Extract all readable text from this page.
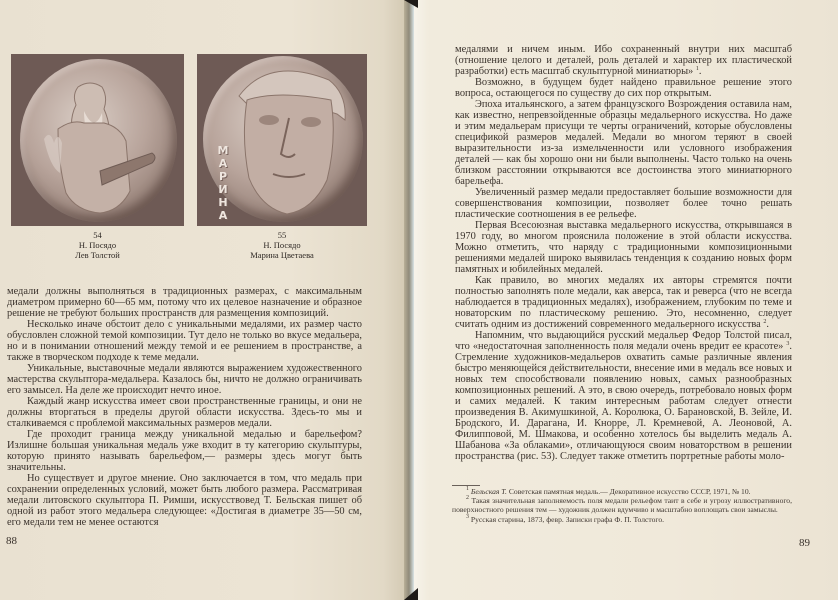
М
А
Р
И
Н
А
54
Н. Посядо
Лев Толстой
55
Н. Посядо
Марина Цветаева

медали должны выполняться в традиционных размерах, с максимальным диаметром примерно 60—65 мм, потому что их целевое назначение и образное решение не требуют больших пространств для размещения композиций.

Несколько иначе обстоит дело с уникальными медалями, их размер часто обусловлен сложной темой композиции. Тут дело не только во вкусе медальера, но и в понимании отношений между темой и ее решением в пространстве, а также в творческом подходе к теме медали.

Уникальные, выставочные медали являются выражением художественного мастерства скульптора-медальера. Казалось бы, ничто не должно ограничивать его замысел. На деле же происходит нечто иное.

Каждый жанр искусства имеет свои пространственные границы, и они не должны вторгаться в пределы другой области искусства. Здесь-то мы и сталкиваемся с проблемой максимальных размеров медали.

Где проходит граница между уникальной медалью и барельефом? Излишне большая уникальная медаль уже входит в ту категорию скульптуры, которую принято называть барельефом,— размеры здесь могут быть значительны.

Но существует и другое мнение. Оно заключается в том, что медаль при сохранении определенных условий, может быть любого размера. Рассматривая медали литовского скульптора П. Римши, искусствовед Т. Бельская пишет об одной из работ этого медальера следующее: «Достигая в диаметре 35—50 см, его медали тем не менее остаются

88

медалями и ничем иным. Ибо сохраненный внутри них масштаб (отношение целого и деталей, роль деталей и характер их пластической разработки) есть масштаб скульптурной миниатюры» $^1$.

Возможно, в будущем будет найдено правильное решение этого вопроса, остающегося по существу до сих пор открытым.

Эпоха итальянского, а затем французского Возрождения оставила нам, как известно, непревзойденные образцы медальерного искусства. Но даже и этим медальерам присущи те черты ограничений, которые обусловлены спецификой размеров медалей. Медали во многом теряют в своей выразительности из-за измельченности или условного изображения деталей — как бы хорошо они ни были выполнены. Часто только на очень близком расстоянии открываются все достоинства этого миниатюрного барельефа.

Увеличенный размер медали предоставляет большие возможности для совершенствования композиции, позволяет более точно решать пластические соотношения в ее рельефе.

Первая Всесоюзная выставка медальерного искусства, открывшаяся в 1970 году, во многом прояснила положение в этой области искусства. Можно отметить, что наряду с традиционными композиционными решениями медалей широко выявилась тенденция к созданию новых форм памятных и юбилейных медалей.

Как правило, во многих медалях их авторы стремятся почти полностью заполнять поле медали, как аверса, так и реверса (что не всегда наблюдается в традиционных медалях), изображением, глубоким по теме и новаторским по пластическому решению. Это, несомненно, следует считать одним из достижений современного медальерного искусства $^2$.

Напомним, что выдающийся русский медальер Федор Толстой писал, что «недостаточная заполненность поля медали очень вредит ее красоте» $^3$. Стремление художников-медальеров охватить самые различные явления быстро меняющейся действительности, внесение ими в медаль все новых и новых тем способствовали появлению новых, самых разнообразных композиционных решений. А это, в свою очередь, потребовало новых форм и самих медалей. К таким интересным работам следует отнести произведения В. Акимушкиной, А. Королюка, О. Барановской, В. Зейле, И. Бродского, И. Дарагана, И. Кнорре, Л. Кремневой, А. Леоновой, А. Филипповой, М. Шмакова, и особенно хотелось бы выделить медаль А. Шабанова «За облаками», отличающуюся своим новаторством в решении пространства (рис. 53). Следует также отметить портретные работы моло-

$^1$ Бельская Т. Советская памятная медаль.— Декоративное искусство СССР, 1971, № 10.

$^2$ Такая значительная заполняемость поля медали рельефом таит в себе и угрозу иллюстративного, поверхностного решения тем — художник должен вдумчиво и масштабно воплощать свои замыслы.

$^3$ Русская старина, 1873, февр. Записки графа Ф. П. Толстого.

89
